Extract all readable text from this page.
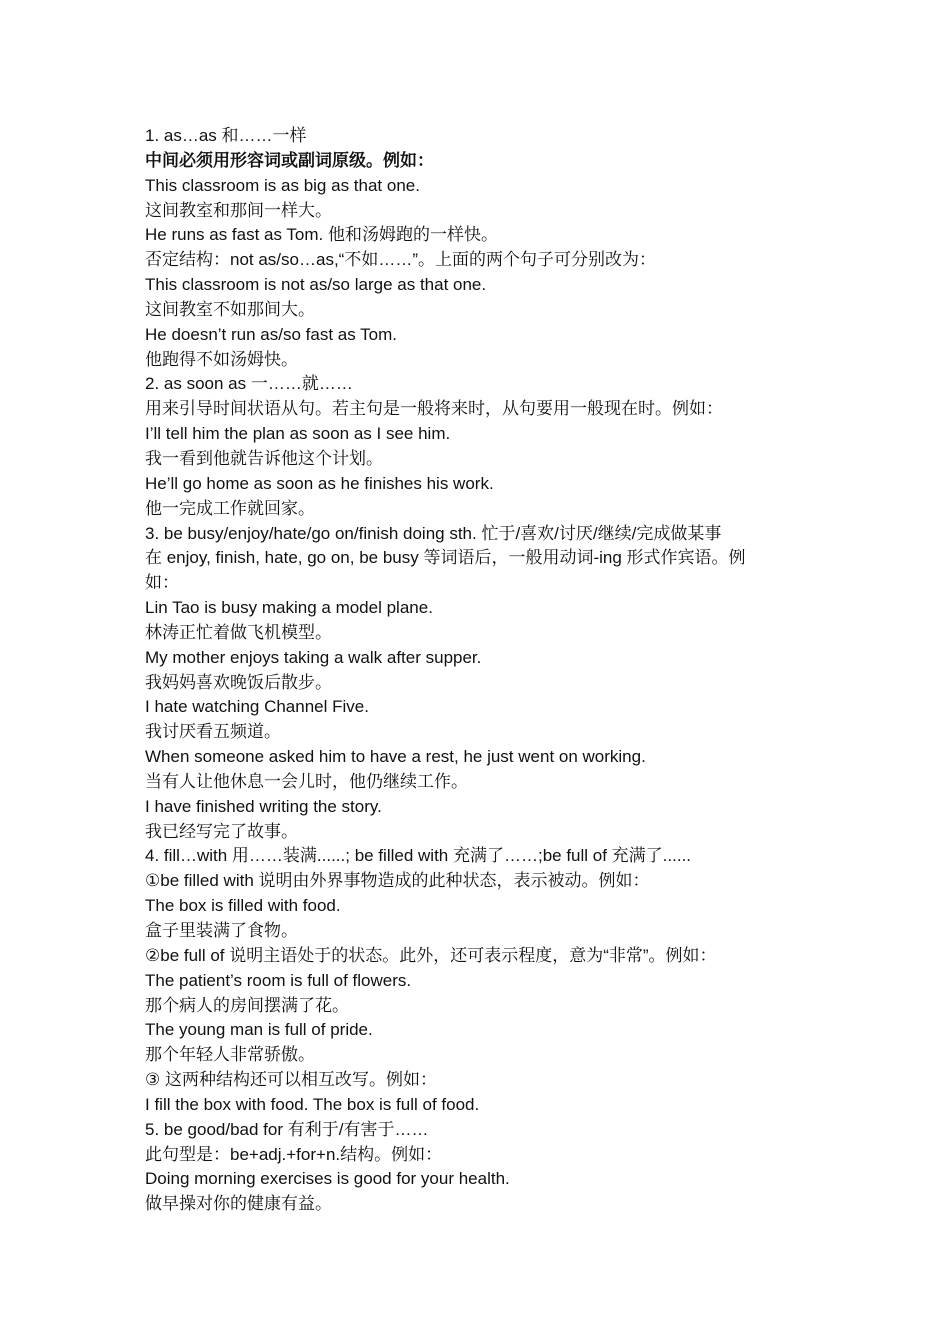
1. as…as 和……一样

中间必须用形容词或副词原级。例如：

This classroom is as big as that one.

这间教室和那间一样大。

He runs as fast as Tom. 他和汤姆跑的一样快。

否定结构：not as/so…as,“不如……”。上面的两个句子可分别改为：

This classroom is not as/so large as that one.

这间教室不如那间大。

He doesn’t run as/so fast as Tom.

他跑得不如汤姆快。

2. as soon as 一……就……

用来引导时间状语从句。若主句是一般将来时，从句要用一般现在时。例如：

I’ll tell him the plan as soon as I see him.

我一看到他就告诉他这个计划。

He’ll go home as soon as he finishes his work.

他一完成工作就回家。

3. be busy/enjoy/hate/go on/finish doing sth. 忙于/喜欢/讨厌/继续/完成做某事

在 enjoy, finish, hate, go on, be busy 等词语后，一般用动词-ing 形式作宾语。例

如：

Lin Tao is busy making a model plane.

林涛正忙着做飞机模型。

My mother enjoys taking a walk after supper.

我妈妈喜欢晚饭后散步。

I hate watching Channel Five.

我讨厌看五频道。

When someone asked him to have a rest, he just went on working.

当有人让他休息一会儿时，他仍继续工作。

I have finished writing the story.

我已经写完了故事。

4. fill…with 用……装满......; be filled with 充满了……;be full of 充满了......

①be filled with 说明由外界事物造成的此种状态，表示被动。例如：

The box is filled with food.

盒子里装满了食物。

②be full of 说明主语处于的状态。此外，还可表示程度，意为“非常”。例如：

The patient’s room is full of flowers.

那个病人的房间摆满了花。

The young man is full of pride.

那个年轻人非常骄傲。

③ 这两种结构还可以相互改写。例如：

I fill the box with food. The box is full of food.

5. be good/bad for 有利于/有害于……

此句型是：be+adj.+for+n.结构。例如：

Doing morning exercises is good for your health.

做早操对你的健康有益。
